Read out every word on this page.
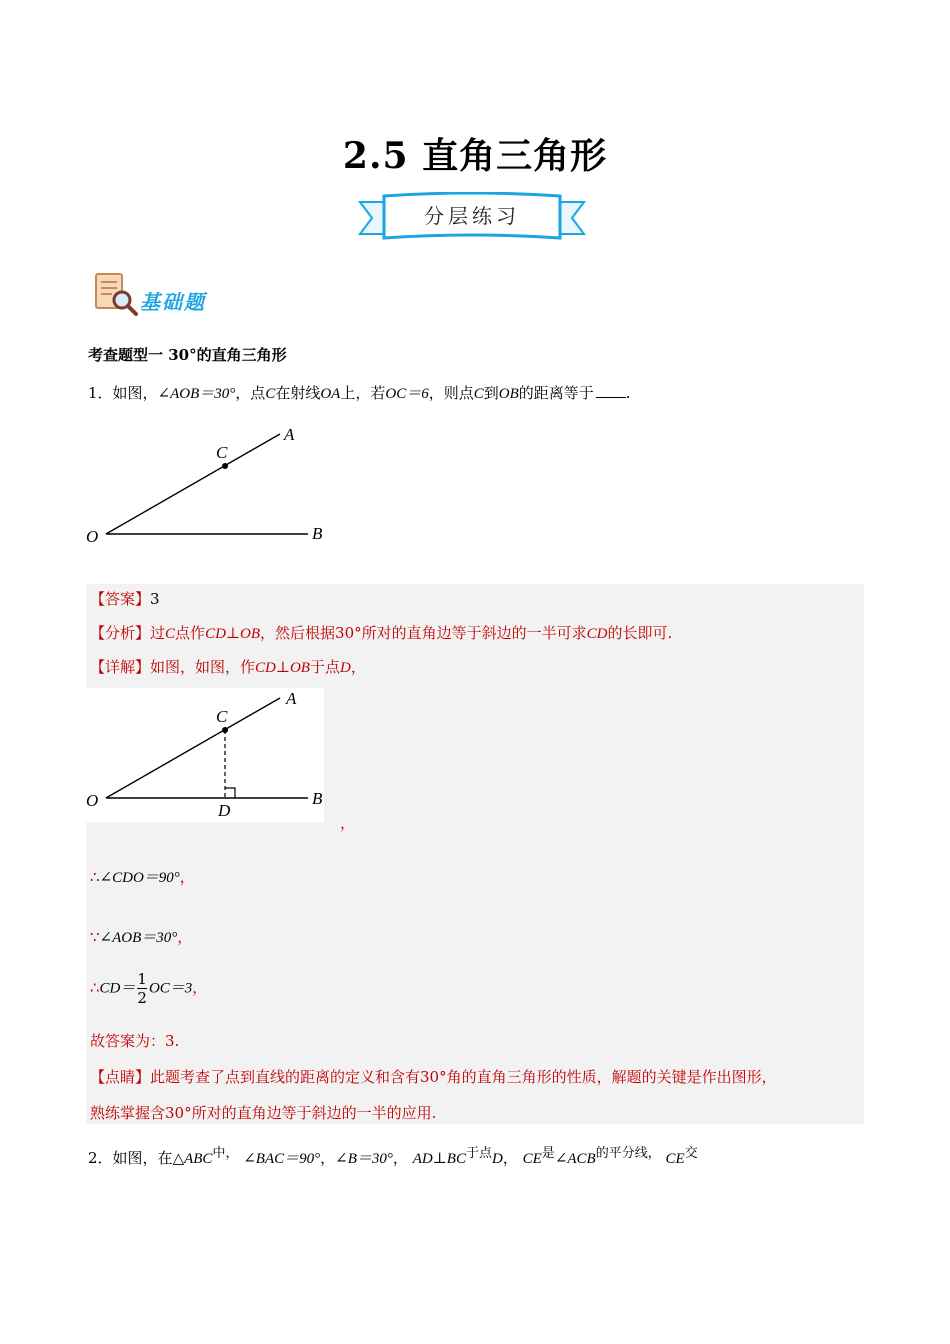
2.5 直角三角形
分层练习
基础题
考查题型一 30°的直角三角形
1．如图，∠AOB＝30°，点C在射线OA上，若OC＝6，则点C到OB的距离等于 .
A
C
O	B
【答案】3
【分析】过C点作CD⊥OB，然后根据30°所对的直角边等于斜边的一半可求CD的长即可.
【详解】如图，如图，作CD⊥OB于点D，
A
C
O
D
B
，
∴∠CDO＝90°，
∵∠AOB＝30°，
∴CD＝ $\frac{1}{2} OC=3$，
故答案为：3.
【点睛】此题考查了点到直线的距离的定义和含有30°角的直角三角形的性质，解题的关键是作出图形，
熟练掌握含30°所对的直角边等于斜边的一半的应用.
2．如图，在△ABC中， ∠BAC＝90°，∠B＝30°， AD⊥BC于点D， CE是∠ACB的平分线， CE交
